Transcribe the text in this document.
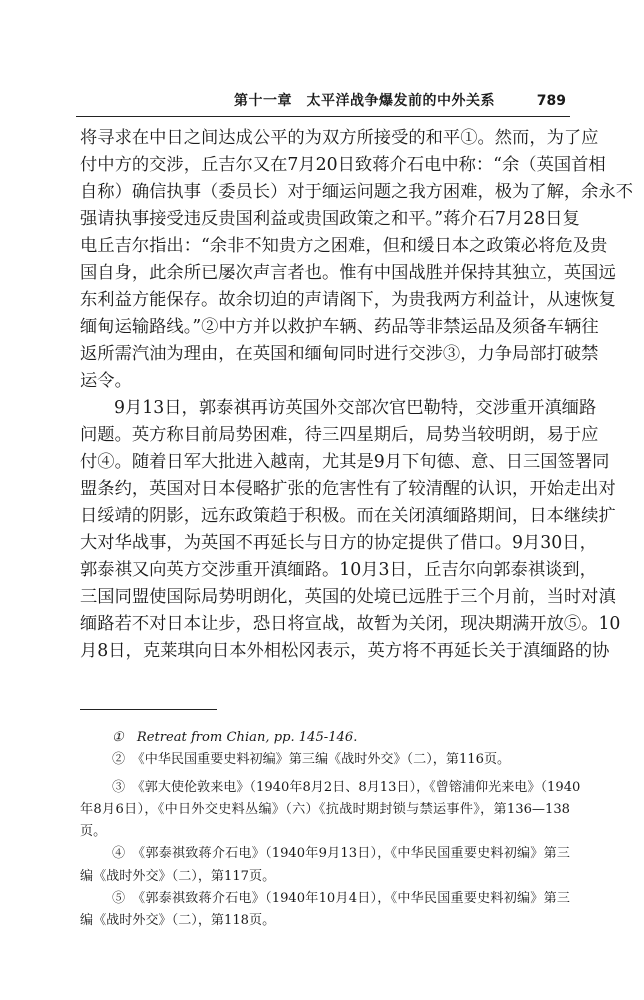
第十一章　太平洋战争爆发前的中外关系	789
将寻求在中日之间达成公平的为双方所接受的和平①。然而，为了应
付中方的交涉，丘吉尔又在7月20日致蒋介石电中称：“余（英国首相
自称）确信执事（委员长）对于缅运问题之我方困难，极为了解，余永不
强请执事接受违反贵国利益或贵国政策之和平。”蒋介石7月28日复
电丘吉尔指出：“余非不知贵方之困难，但和缓日本之政策必将危及贵
国自身，此余所已屡次声言者也。惟有中国战胜并保持其独立，英国远
东利益方能保存。故余切迫的声请阁下，为贵我两方利益计，从速恢复
缅甸运输路线。”②中方并以救护车辆、药品等非禁运品及须备车辆往
返所需汽油为理由，在英国和缅甸同时进行交涉③，力争局部打破禁
运令。
9月13日，郭泰祺再访英国外交部次官巴勒特，交涉重开滇缅路
问题。英方称目前局势困难，待三四星期后，局势当较明朗，易于应
付④。随着日军大批进入越南，尤其是9月下旬德、意、日三国签署同
盟条约，英国对日本侵略扩张的危害性有了较清醒的认识，开始走出对
日绥靖的阴影，远东政策趋于积极。而在关闭滇缅路期间，日本继续扩
大对华战事，为英国不再延长与日方的协定提供了借口。9月30日，
郭泰祺又向英方交涉重开滇缅路。10月3日，丘吉尔向郭泰祺谈到，
三国同盟使国际局势明朗化，英国的处境已远胜于三个月前，当时对滇
缅路若不对日本让步，恐日将宣战，故暂为关闭，现决期满开放⑤。10
月8日，克莱琪向日本外相松冈表示，英方将不再延长关于滇缅路的协
①　Retreat from Chian, pp. 145-146.
②　《中华民国重要史料初编》第三编《战时外交》（二），第116页。
③　《郭大使伦敦来电》（1940年8月2日、8月13日），《曾镕浦仰光来电》（1940
年8月6日），《中日外交史料丛编》（六）《抗战时期封锁与禁运事件》，第136—138
页。
④　《郭泰祺致蒋介石电》（1940年9月13日），《中华民国重要史料初编》第三
编《战时外交》（二），第117页。
⑤　《郭泰祺致蒋介石电》（1940年10月4日），《中华民国重要史料初编》第三
编《战时外交》（二），第118页。
